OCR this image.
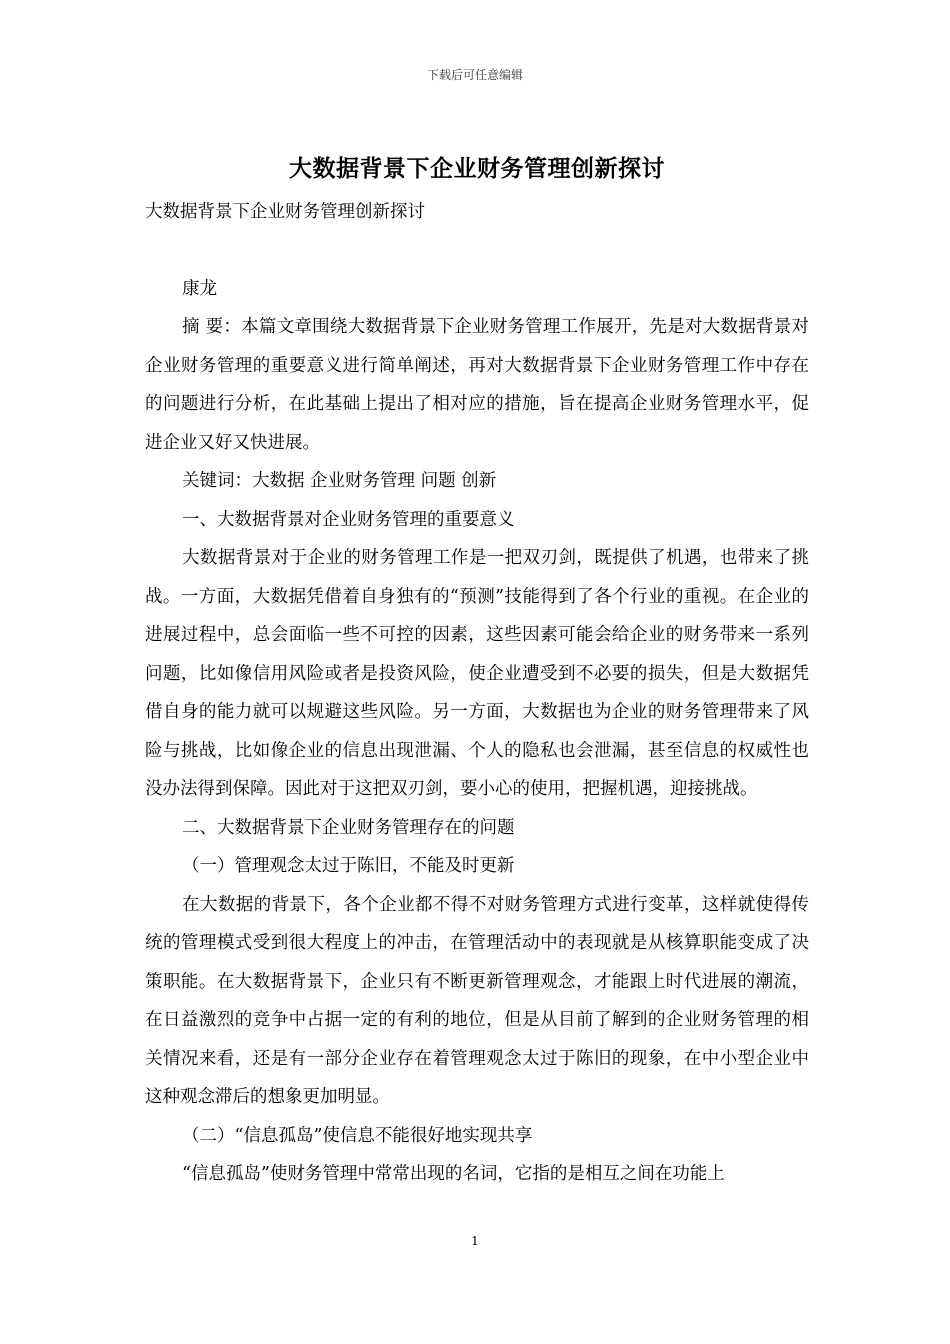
下载后可任意编辑
大数据背景下企业财务管理创新探讨

大数据背景下企业财务管理创新探讨

康龙

摘 要：本篇文章围绕大数据背景下企业财务管理工作展开，先是对大数据背景对企业财务管理的重要意义进行简单阐述，再对大数据背景下企业财务管理工作中存在的问题进行分析，在此基础上提出了相对应的措施，旨在提高企业财务管理水平，促进企业又好又快进展。

关键词：大数据 企业财务管理 问题 创新

一、大数据背景对企业财务管理的重要意义

大数据背景对于企业的财务管理工作是一把双刃剑，既提供了机遇，也带来了挑战。一方面，大数据凭借着自身独有的“预测”技能得到了各个行业的重视。在企业的进展过程中，总会面临一些不可控的因素，这些因素可能会给企业的财务带来一系列问题，比如像信用风险或者是投资风险，使企业遭受到不必要的损失，但是大数据凭借自身的能力就可以规避这些风险。另一方面，大数据也为企业的财务管理带来了风险与挑战，比如像企业的信息出现泄漏、个人的隐私也会泄漏，甚至信息的权威性也没办法得到保障。因此对于这把双刃剑，要小心的使用，把握机遇，迎接挑战。

二、大数据背景下企业财务管理存在的问题

（一）管理观念太过于陈旧，不能及时更新

在大数据的背景下，各个企业都不得不对财务管理方式进行变革，这样就使得传统的管理模式受到很大程度上的冲击，在管理活动中的表现就是从核算职能变成了决策职能。在大数据背景下，企业只有不断更新管理观念，才能跟上时代进展的潮流，在日益激烈的竞争中占据一定的有利的地位，但是从目前了解到的企业财务管理的相关情况来看，还是有一部分企业存在着管理观念太过于陈旧的现象，在中小型企业中这种观念滞后的想象更加明显。

（二）“信息孤岛”使信息不能很好地实现共享

“信息孤岛”使财务管理中常常出现的名词，它指的是相互之间在功能上

1
